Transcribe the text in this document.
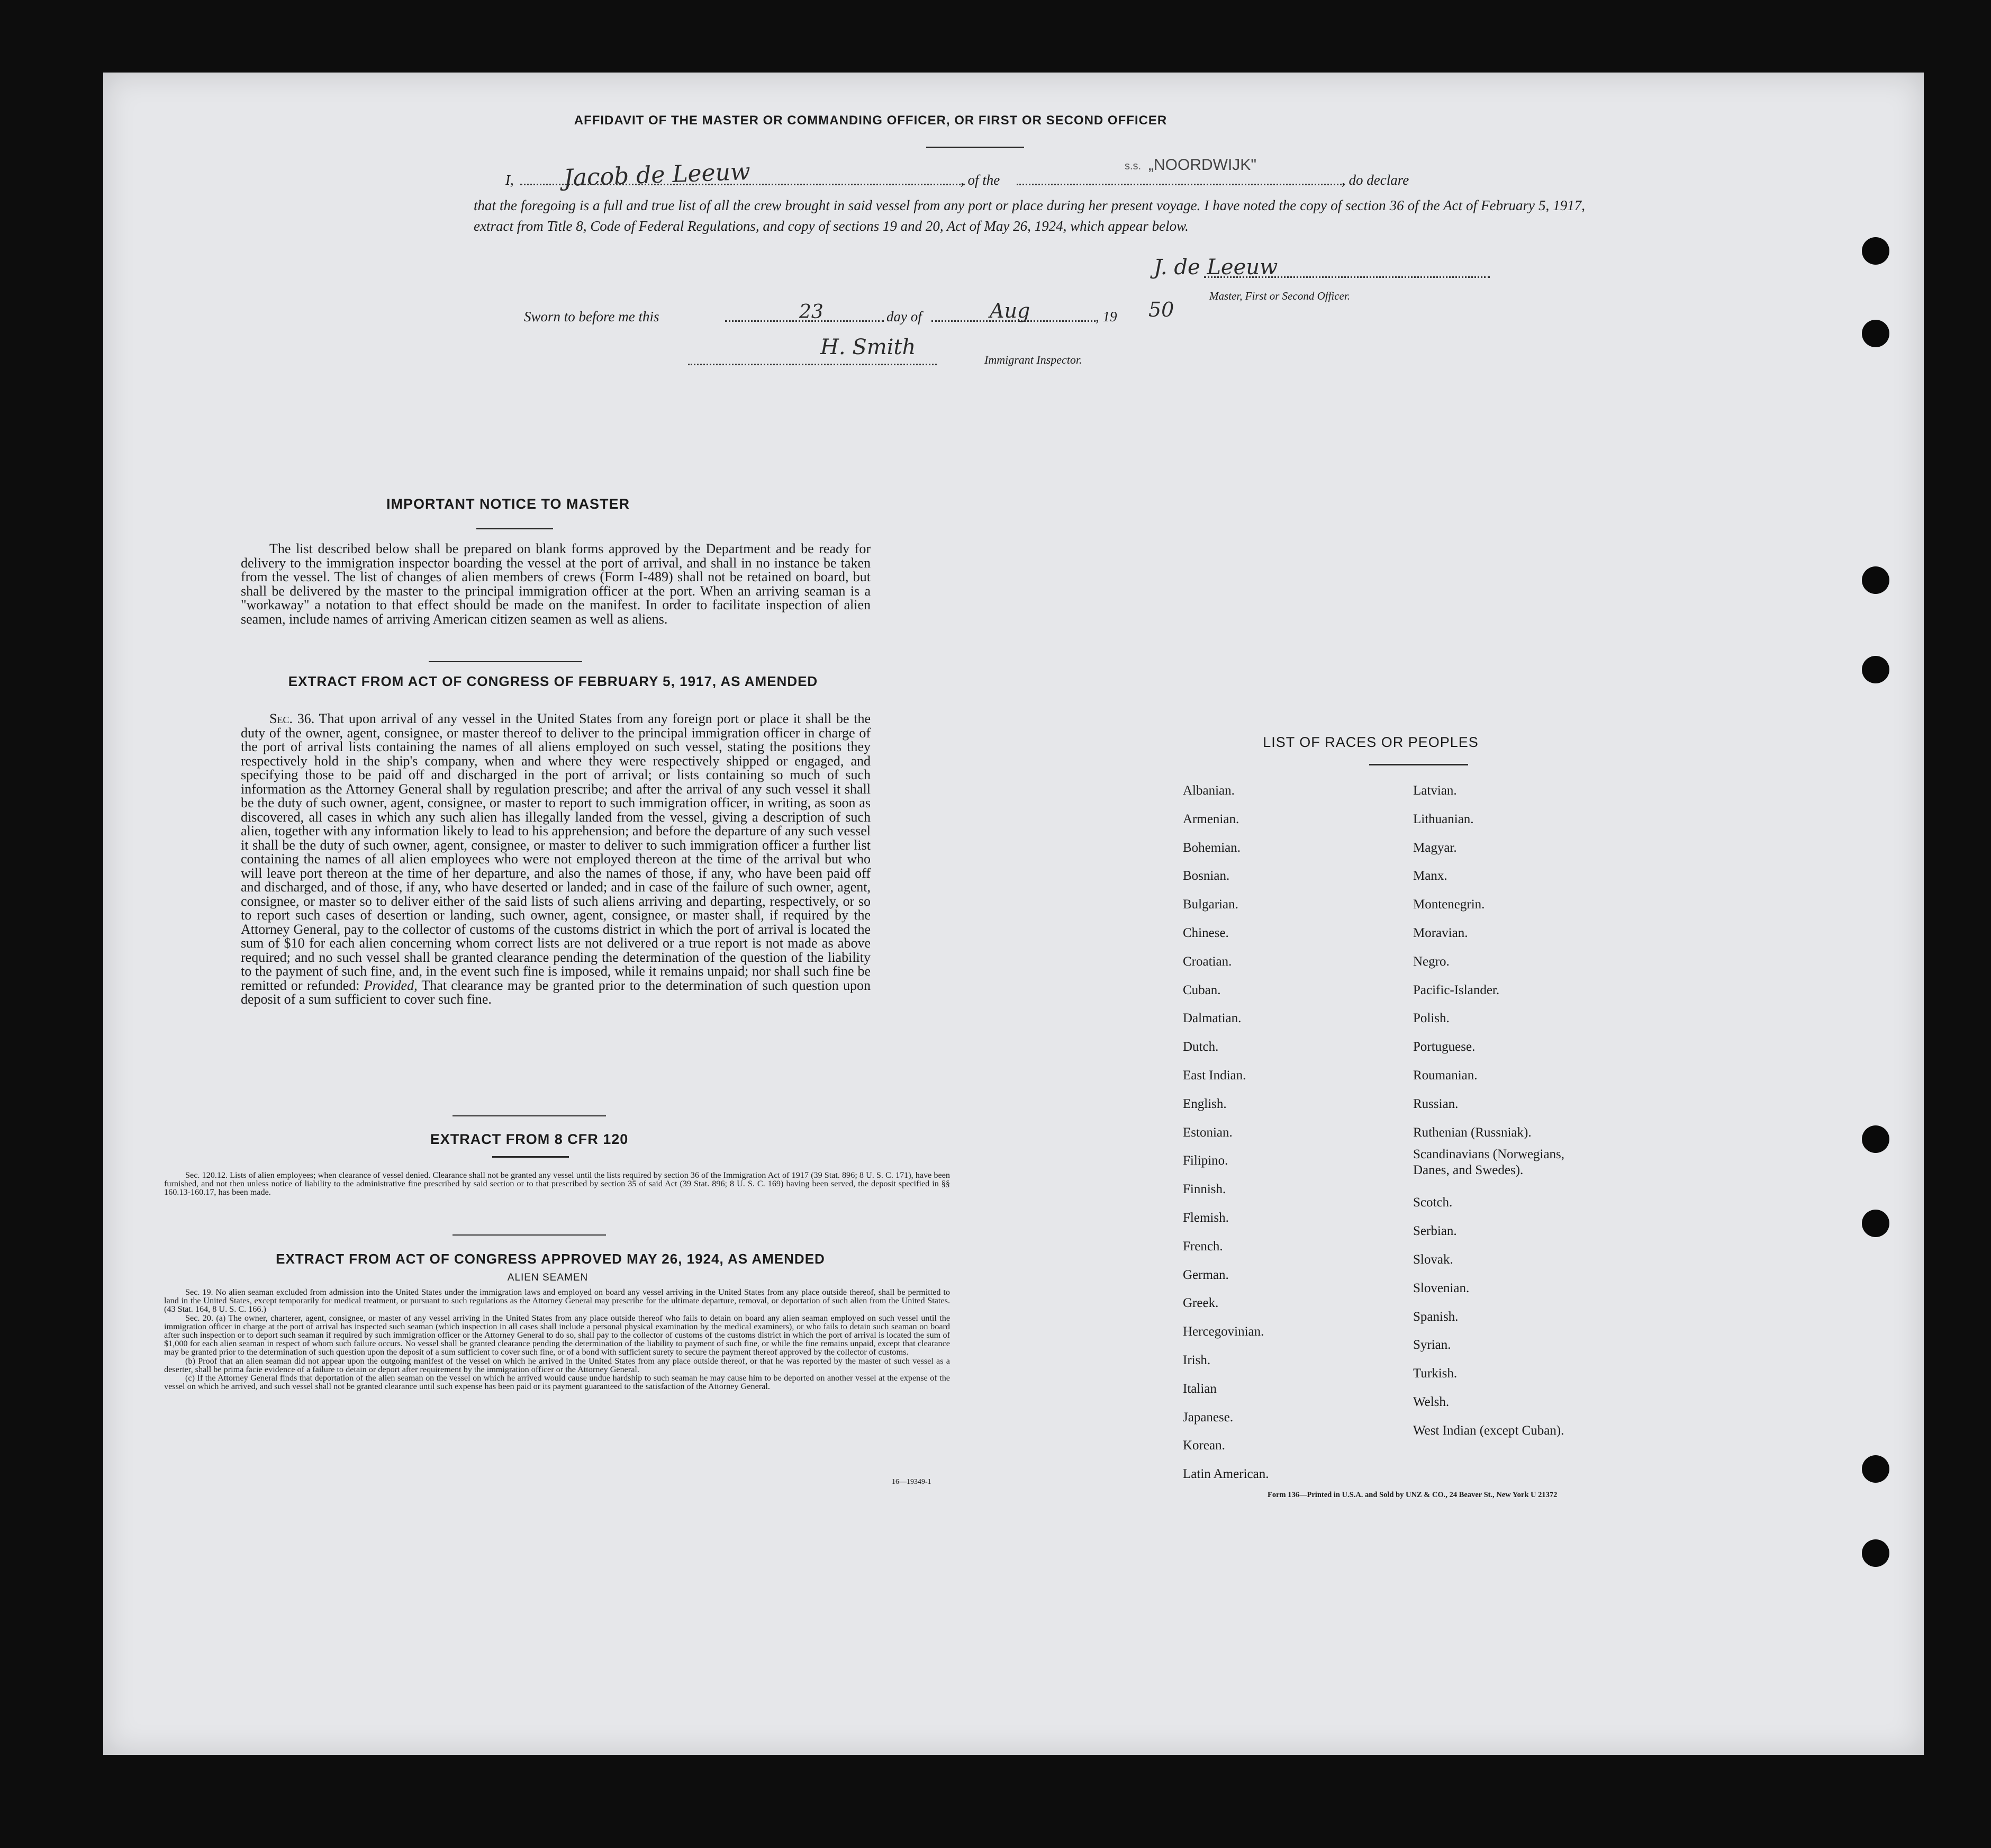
AFFIDAVIT OF THE MASTER OR COMMANDING OFFICER, OR FIRST OR SECOND OFFICER
I, Jacob de Leeuw	, of the
s.s. „NOORDWIJK"
, do declare
that the foregoing is a full and true list of all the crew brought in said vessel from any port or place during her present voyage. I have noted the copy of section 36 of the Act of February 5, 1917, extract from Title 8, Code of Federal Regulations, and copy of sections 19 and 20, Act of May 26, 1924, which appear below.
J. de Leeuw
Master, First or Second Officer.
Sworn to before me this	23	day of	Aug	, 19 50
H. Smith
Immigrant Inspector.
IMPORTANT NOTICE TO MASTER
The list described below shall be prepared on blank forms approved by the Department and be ready for delivery to the immigration inspector boarding the vessel at the port of arrival, and shall in no instance be taken from the vessel. The list of changes of alien members of crews (Form I-489) shall not be retained on board, but shall be delivered by the master to the principal immigration officer at the port. When an arriving seaman is a "workaway" a notation to that effect should be made on the manifest. In order to facilitate inspection of alien seamen, include names of arriving American citizen seamen as well as aliens.
EXTRACT FROM ACT OF CONGRESS OF FEBRUARY 5, 1917, AS AMENDED
Sec. 36. That upon arrival of any vessel in the United States from any foreign port or place it shall be the duty of the owner, agent, consignee, or master thereof to deliver to the principal immigration officer in charge of the port of arrival lists containing the names of all aliens employed on such vessel, stating the positions they respectively hold in the ship's company, when and where they were respectively shipped or engaged, and specifying those to be paid off and discharged in the port of arrival; or lists containing so much of such information as the Attorney General shall by regulation prescribe; and after the arrival of any such vessel it shall be the duty of such owner, agent, consignee, or master to report to such immigration officer, in writing, as soon as discovered, all cases in which any such alien has illegally landed from the vessel, giving a description of such alien, together with any information likely to lead to his apprehension; and before the departure of any such vessel it shall be the duty of such owner, agent, consignee, or master to deliver to such immigration officer a further list containing the names of all alien employees who were not employed thereon at the time of the arrival but who will leave port thereon at the time of her departure, and also the names of those, if any, who have been paid off and discharged, and of those, if any, who have deserted or landed; and in case of the failure of such owner, agent, consignee, or master so to deliver either of the said lists of such aliens arriving and departing, respectively, or so to report such cases of desertion or landing, such owner, agent, consignee, or master shall, if required by the Attorney General, pay to the collector of customs of the customs district in which the port of arrival is located the sum of $10 for each alien concerning whom correct lists are not delivered or a true report is not made as above required; and no such vessel shall be granted clearance pending the determination of the question of the liability to the payment of such fine, and, in the event such fine is imposed, while it remains unpaid; nor shall such fine be remitted or refunded: Provided, That clearance may be granted prior to the determination of such question upon deposit of a sum sufficient to cover such fine.
EXTRACT FROM 8 CFR 120

Sec. 120.12. Lists of alien employees; when clearance of vessel denied. Clearance shall not be granted any vessel until the lists required by section 36 of the Immigration Act of 1917 (39 Stat. 896; 8 U. S. C. 171), have been furnished, and not then unless notice of liability to the administrative fine prescribed by said section or to that prescribed by section 35 of said Act (39 Stat. 896; 8 U. S. C. 169) having been served, the deposit specified in §§ 160.13-160.17, has been made.

EXTRACT FROM ACT OF CONGRESS APPROVED MAY 26, 1924, AS AMENDED
ALIEN SEAMEN

Sec. 19. No alien seaman excluded from admission into the United States under the immigration laws and employed on board any vessel arriving in the United States from any place outside thereof, shall be permitted to land in the United States, except temporarily for medical treatment, or pursuant to such regulations as the Attorney General may prescribe for the ultimate departure, removal, or deportation of such alien from the United States. (43 Stat. 164, 8 U. S. C. 166.)

Sec. 20. (a) The owner, charterer, agent, consignee, or master of any vessel arriving in the United States from any place outside thereof who fails to detain on board any alien seaman employed on such vessel until the immigration officer in charge at the port of arrival has inspected such seaman (which inspection in all cases shall include a personal physical examination by the medical examiners), or who fails to detain such seaman on board after such inspection or to deport such seaman if required by such immigration officer or the Attorney General to do so, shall pay to the collector of customs of the customs district in which the port of arrival is located the sum of $1,000 for each alien seaman in respect of whom such failure occurs. No vessel shall be granted clearance pending the determination of the liability to payment of such fine, or while the fine remains unpaid, except that clearance may be granted prior to the determination of such question upon the deposit of a sum sufficient to cover such fine, or of a bond with sufficient surety to secure the payment thereof approved by the collector of customs.

(b) Proof that an alien seaman did not appear upon the outgoing manifest of the vessel on which he arrived in the United States from any place outside thereof, or that he was reported by the master of such vessel as a deserter, shall be prima facie evidence of a failure to detain or deport after requirement by the immigration officer or the Attorney General.

(c) If the Attorney General finds that deportation of the alien seaman on the vessel on which he arrived would cause undue hardship to such seaman he may cause him to be deported on another vessel at the expense of the vessel on which he arrived, and such vessel shall not be granted clearance until such expense has been paid or its payment guaranteed to the satisfaction of the Attorney General.

16—19349-1
LIST OF RACES OR PEOPLES
Albanian.
Armenian.
Bohemian.
Bosnian.
Bulgarian.
Chinese.
Croatian.
Cuban.
Dalmatian.
Dutch.
East Indian.
English.
Estonian.
Filipino.
Finnish.
Flemish.
French.
German.
Greek.
Hercegovinian.
Irish.
Italian
Japanese.
Korean.
Latin American.
Latvian.
Lithuanian.
Magyar.
Manx.
Montenegrin.
Moravian.
Negro.
Pacific-Islander.
Polish.
Portuguese.
Roumanian.
Russian.
Ruthenian (Russniak).
Scandinavians (Norwegians,
Danes, and Swedes).
Scotch.
Serbian.
Slovak.
Slovenian.
Spanish.
Syrian.
Turkish.
Welsh.
West Indian (except Cuban).
Form 136—Printed in U.S.A. and Sold by UNZ & CO., 24 Beaver St., New York U 21372
